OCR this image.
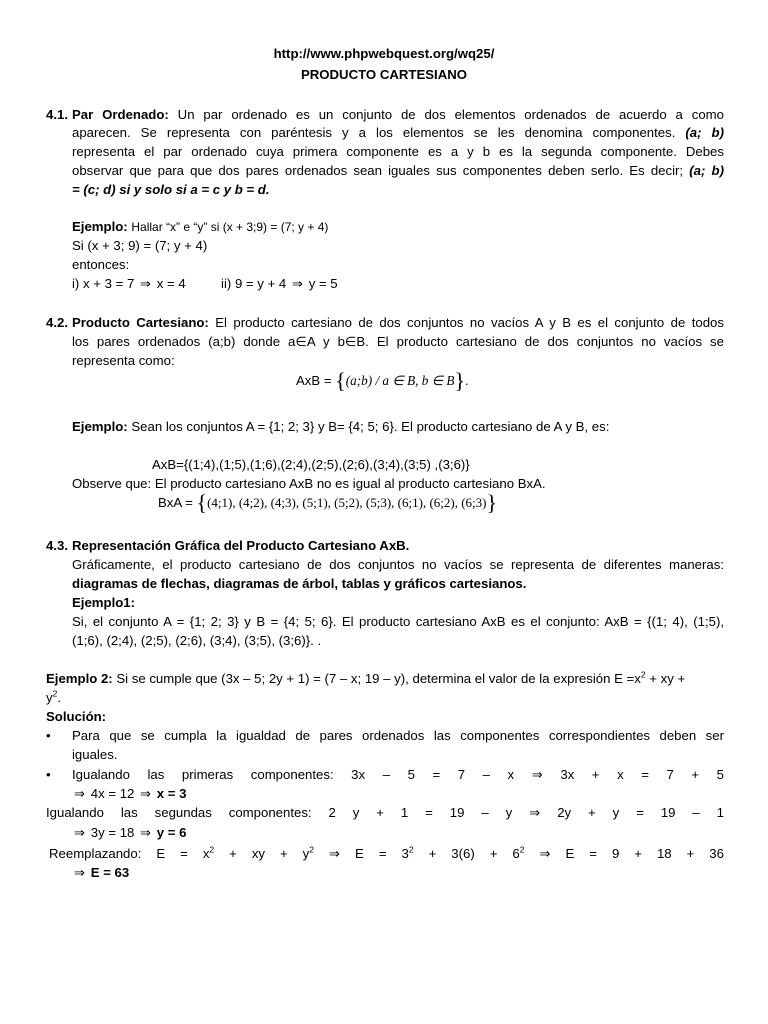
http://www.phpwebquest.org/wq25/
PRODUCTO CARTESIANO
4.1. Par Ordenado: Un par ordenado es un conjunto de dos elementos ordenados de acuerdo a como
aparecen. Se representa con paréntesis y a los elementos se les denomina componentes. (a; b)
representa el par ordenado cuya primera componente es a y b es la segunda componente. Debes
observar que para que dos pares ordenados sean iguales sus componentes deben serlo. Es decir; (a; b)
= (c; d) si y solo si a = c y b = d.
Ejemplo: Hallar “x” e “y” si (x + 3;9) = (7; y + 4)
Si (x + 3; 9) = (7; y + 4)
entonces:
i) x + 3 = 7 ⇒ x = 4	ii) 9 = y + 4 ⇒ y = 5
4.2. Producto Cartesiano: El producto cartesiano de dos conjuntos no vacíos A y B es el conjunto de todos
los pares ordenados (a;b) donde a∈A y b∈B. El producto cartesiano de dos conjuntos no vacíos se
representa como:
AxB = {(a;b) / a ∈ B, b ∈ B}.
Ejemplo: Sean los conjuntos A = {1; 2; 3} y B= {4; 5; 6}. El producto cartesiano de A y B, es:
AxB={(1;4),(1;5),(1;6),(2;4),(2;5),(2;6),(3;4),(3;5) ,(3;6)}
Observe que: El producto cartesiano AxB no es igual al producto cartesiano BxA.
BxA = {(4;1), (4;2), (4;3), (5;1), (5;2), (5;3), (6;1), (6;2), (6;3)}
4.3. Representación Gráfica del Producto Cartesiano AxB.
Gráficamente, el producto cartesiano de dos conjuntos no vacíos se representa de diferentes maneras:
diagramas de flechas, diagramas de árbol, tablas y gráficos cartesianos.
Ejemplo1:
Si, el conjunto A = {1; 2; 3} y B = {4; 5; 6}. El producto cartesiano AxB es el conjunto: AxB = {(1; 4), (1;5),
(1;6), (2;4), (2;5), (2;6), (3;4), (3;5), (3;6)}. .
Ejemplo 2: Si se cumple que (3x – 5; 2y + 1) = (7 – x; 19 – y), determina el valor de la expresión $E =x^2$ + xy +
$y^2$.
Solución:
• Para que se cumpla la igualdad de pares ordenados las componentes correspondientes deben ser
iguales.
• Igualando las primeras componentes: 3x – 5 = 7 – x ⇒ 3x + x = 7 + 5
⇒ 4x = 12 ⇒ x = 3
Igualando las segundas componentes: 2 y + 1 = 19 – y ⇒ 2y + y = 19 – 1
⇒ 3y = 18 ⇒ y = 6
Reemplazando: $E = x^2$ + xy + $y^2$ ⇒ $E = 3^2 + 3(6) + 6^2$ ⇒ E = 9 + 18 + 36
⇒ E = 63
